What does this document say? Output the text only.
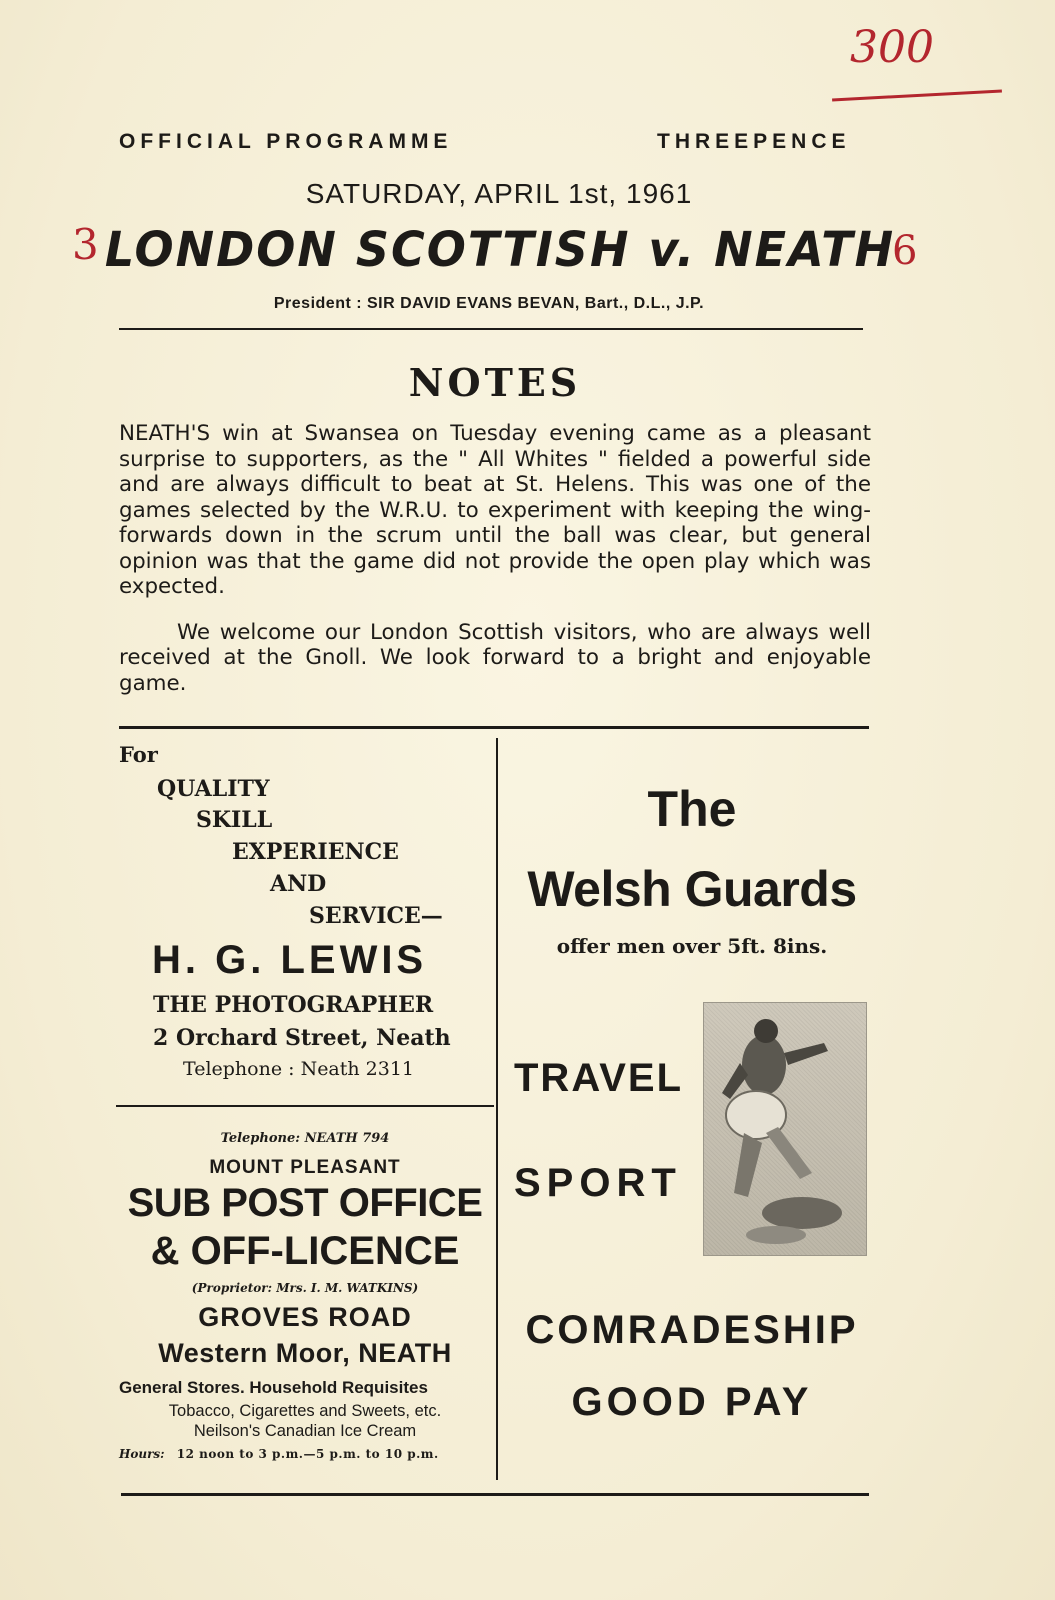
300
3	6
OFFICIAL PROGRAMME	THREEPENCE
SATURDAY, APRIL 1st, 1961
LONDON SCOTTISH v. NEATH
President : SIR DAVID EVANS BEVAN, Bart., D.L., J.P.
NOTES

NEATH'S win at Swansea on Tuesday evening came as a pleasant surprise to supporters, as the " All Whites " fielded a powerful side and are always difficult to beat at St. Helens. This was one of the games selected by the W.R.U. to experiment with keeping the wing-forwards down in the scrum until the ball was clear, but general opinion was that the game did not provide the open play which was expected.

We welcome our London Scottish visitors, who are always well received at the Gnoll. We look forward to a bright and enjoyable game.

For
QUALITY
SKILL
EXPERIENCE
AND
SERVICE—
H. G. LEWIS
THE PHOTOGRAPHER
2 Orchard Street, Neath
Telephone : Neath 2311
Telephone: NEATH 794
MOUNT PLEASANT
SUB POST OFFICE
& OFF-LICENCE
(Proprietor: Mrs. I. M. WATKINS)
GROVES ROAD
Western Moor, NEATH
General Stores. Household Requisites
Tobacco, Cigarettes and Sweets, etc.
Neilson's Canadian Ice Cream
Hours: 12 noon to 3 p.m.—5 p.m. to 10 p.m.
The
Welsh Guards
offer men over 5ft. 8ins.
TRAVEL
SPORT
COMRADESHIP
GOOD PAY
